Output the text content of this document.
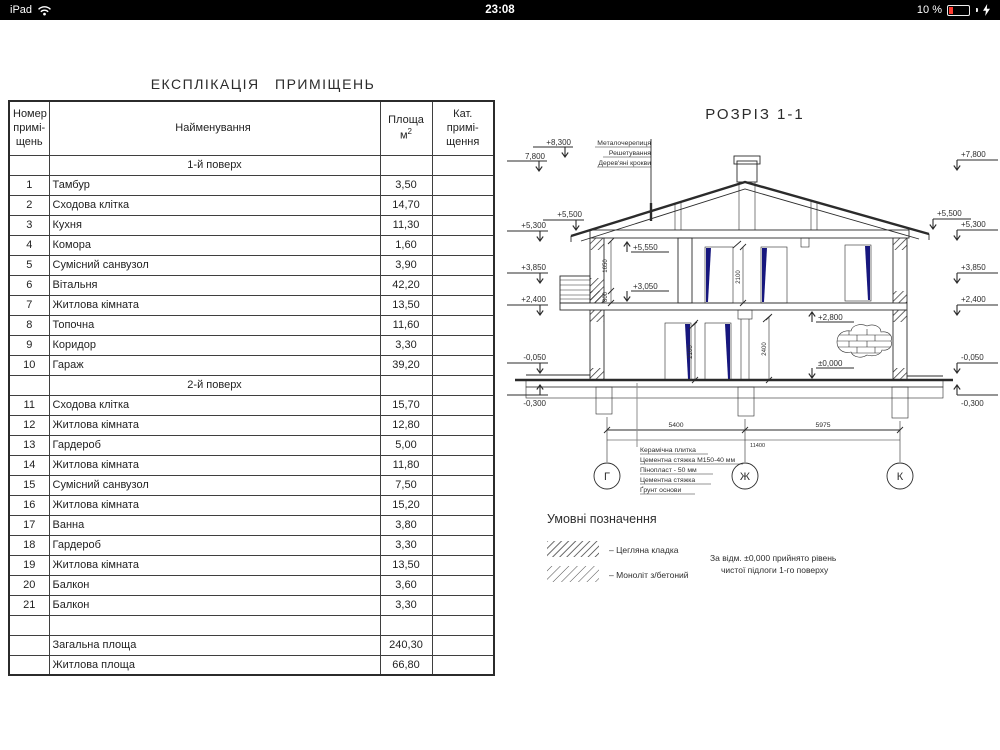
iPad	23:08	10 %
ЕКСПЛІКАЦІЯ ПРИМІЩЕНЬ
Номер
примі-
щень	Найменування	Площа
$м^2$	Кат.
примі-
щення
	1-й поверх		
1	Тамбур	3,50	
2	Сходова клітка	14,70	
3	Кухня	11,30	
4	Комора	1,60	
5	Сумісний санвузол	3,90	
6	Вітальня	42,20	
7	Житлова кімната	13,50	
8	Топочна	11,60	
9	Коридор	3,30	
10	Гараж	39,20	
	2-й поверх		
11	Сходова клітка	15,70	
12	Житлова кімната	12,80	
13	Гардероб	5,00	
14	Житлова кімната	11,80	
15	Сумісний санвузол	7,50	
16	Житлова кімната	15,20	
17	Ванна	3,80	
18	Гардероб	3,30	
19	Житлова кімната	13,50	
20	Балкон	3,60	
21	Балкон	3,30	

	Загальна площа	240,30	
	Житлова площа	66,80	
РОЗРІЗ 1-1
Металочерепиця
Решетування
Дерев'яні крокви
1650
800
2100
2100	2400
+8,300
7,800
+5,500
+5,300
+3,850
+2,400
-0,050
-0,300
+7,800
+5,500
+5,300
+3,850
+2,400
-0,050
-0,300
+5,550
+3,050
+2,800
±0,000
5400	5975
11400
Г	Ж	К
Керамічна плитка
Цементна стяжка М150-40 мм
Пінопласт - 50 мм
Цементна стяжка
Ґрунт основи
Умовні позначення
– Цегляна кладка
– Моноліт з/бетоний
За відм. ±0,000 прийнято рівень
чистої підлоги 1-го поверху
